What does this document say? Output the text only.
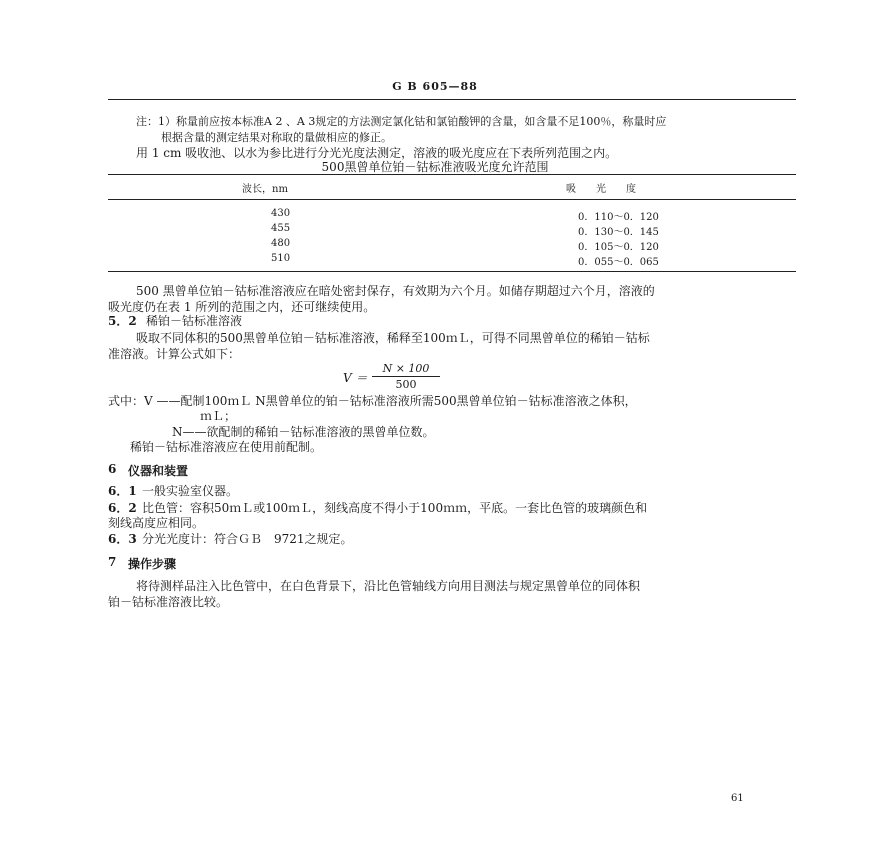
G B 605—88
注：1）称量前应按本标准A 2 、A 3规定的方法测定氯化钴和氯铂酸钾的含量，如含量不足100％，称量时应
根据含量的测定结果对称取的量做相应的修正。
用 1 cm 吸收池、以水为参比进行分光光度法测定，溶液的吸光度应在下表所列范围之内。
500黑曾单位铂－钴标准液吸光度允许范围
波长，nm	吸　　光　　度
430	0．110～0．120
455	0．130～0．145
480	0．105～0．120
510	0．055～0．065
500 黑曾单位铂－钴标准溶液应在暗处密封保存，有效期为六个月。如储存期超过六个月，溶液的
吸光度仍在表 1 所列的范围之内，还可继续使用。
5．2 稀铂－钴标准溶液
吸取不同体积的500黑曾单位铂－钴标准溶液，稀释至100ｍＬ，可得不同黑曾单位的稀铂－钴标
准溶液。计算公式如下：
$V = \frac{N \times 100}{500}$
式中：V ——配制100ｍＬ N黑曾单位的铂－钴标准溶液所需500黑曾单位铂－钴标准溶液之体积，
ｍＬ；
N——欲配制的稀铂－钴标准溶液的黑曾单位数。
稀铂－钴标准溶液应在使用前配制。
6 仪器和装置
6．1 一般实验室仪器。
6．2 比色管：容积50ｍＬ或100ｍＬ，刻线高度不得小于100ｍｍ，平底。一套比色管的玻璃颜色和
刻线高度应相同。
6．3 分光光度计：符合ＧＢ　9721之规定。
7 操作步骤
将待测样品注入比色管中，在白色背景下，沿比色管轴线方向用目测法与规定黑曾单位的同体积
铂－钴标准溶液比较。
61
